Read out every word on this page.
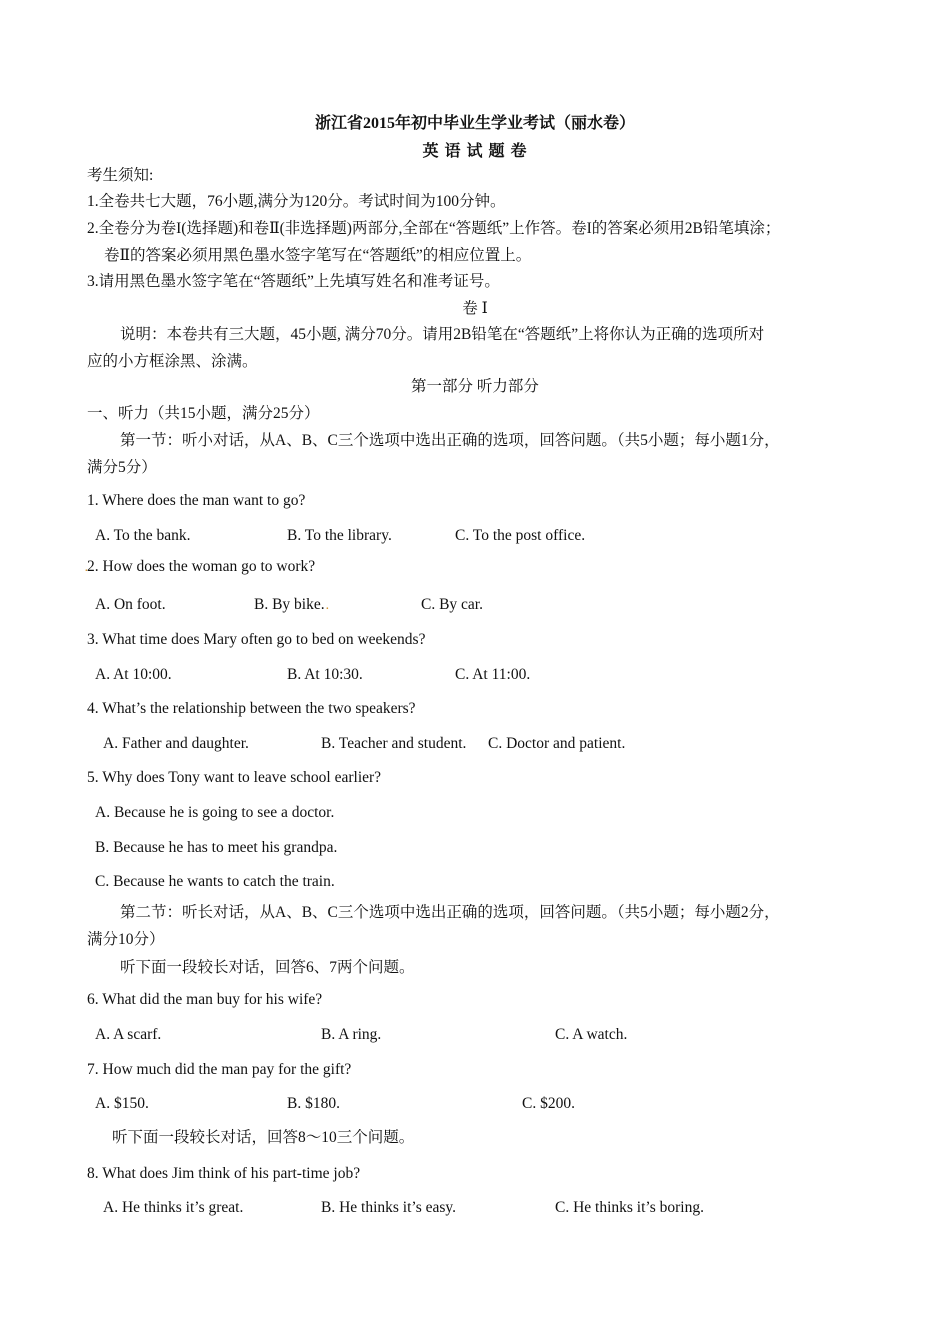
浙江省2015年初中毕业生学业考试（丽水卷）
英 语 试 题 卷
考生须知:
1.全卷共七大题，76小题,满分为120分。考试时间为100分钟。
2.全卷分为卷I(选择题)和卷Ⅱ(非选择题)两部分,全部在“答题纸”上作答。卷I的答案必须用2B铅笔填涂；
卷Ⅱ的答案必须用黑色墨水签字笔写在“答题纸”的相应位置上。
3.请用黑色墨水签字笔在“答题纸”上先填写姓名和准考证号。
卷 Ⅰ
说明：本卷共有三大题，45小题, 满分70分。请用2B铅笔在“答题纸”上将你认为正确的选项所对
应的小方框涂黑、涂满。
第一部分 听力部分
一、听力（共15小题，满分25分）
第一节：听小对话，从A、B、C三个选项中选出正确的选项，回答问题。（共5小题；每小题1分，
满分5分）
1. Where does the man want to go?
A. To the bank.	B. To the library.	C. To the post office.
·
2. How does the woman go to work?
A. On foot.	B. By bike. ·	C. By car.
3. What time does Mary often go to bed on weekends?
A. At 10:00.	B. At 10:30.	C. At 11:00.
4. What’s the relationship between the two speakers?
A. Father and daughter.	B. Teacher and student. C. Doctor and patient.
5. Why does Tony want to leave school earlier?
A. Because he is going to see a doctor.
B. Because he has to meet his grandpa.
C. Because he wants to catch the train.
第二节：听长对话，从A、B、C三个选项中选出正确的选项，回答问题。（共5小题；每小题2分，
满分10分）
听下面一段较长对话，回答6、7两个问题。
6. What did the man buy for his wife?
A. A scarf.	B. A ring.	C. A watch.
7. How much did the man pay for the gift?
A. $150.	B. $180.	C. $200.
听下面一段较长对话，回答8～10三个问题。
8. What does Jim think of his part-time job?
A. He thinks it’s great.	B. He thinks it’s easy.	C. He thinks it’s boring.
